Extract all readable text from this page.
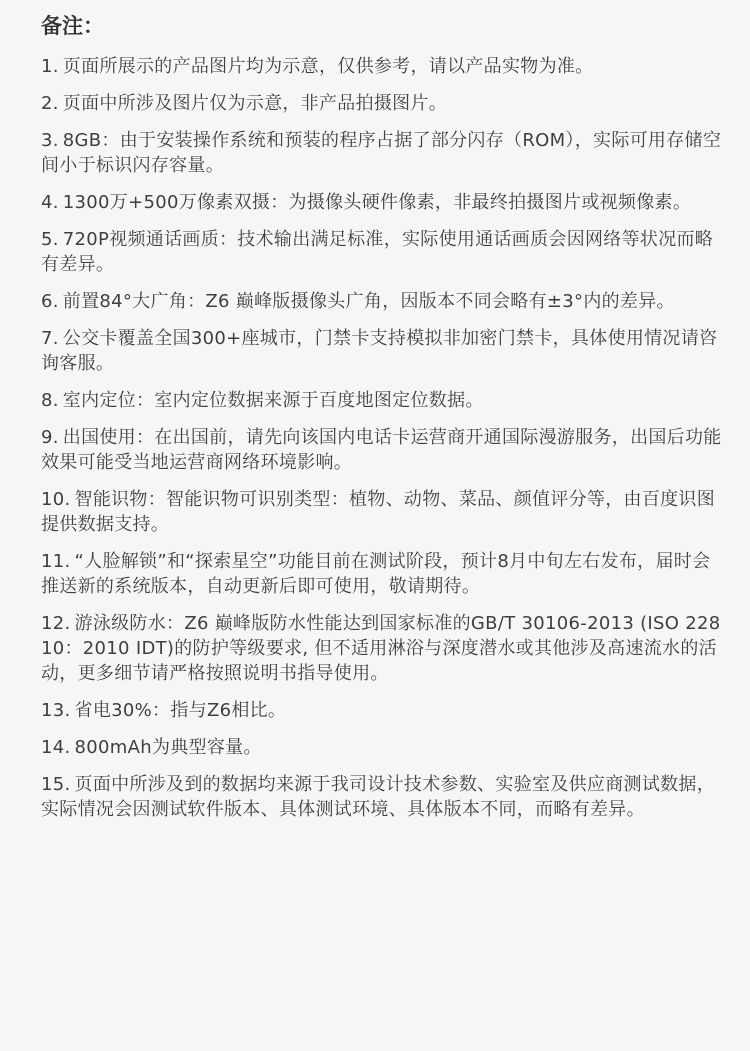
备注：
1. 页面所展示的产品图片均为示意，仅供参考，请以产品实物为准。
2. 页面中所涉及图片仅为示意，非产品拍摄图片。
3. 8GB：由于安装操作系统和预装的程序占据了部分闪存（ROM），实际可用存储空间小于标识闪存容量。
4. 1300万+500万像素双摄：为摄像头硬件像素，非最终拍摄图片或视频像素。
5. 720P视频通话画质：技术输出满足标准，实际使用通话画质会因网络等状况而略有差异。
6. 前置84°大广角：Z6 巅峰版摄像头广角，因版本不同会略有±3°内的差异。
7. 公交卡覆盖全国300+座城市，门禁卡支持模拟非加密门禁卡，具体使用情况请咨询客服。
8. 室内定位：室内定位数据来源于百度地图定位数据。
9. 出国使用：在出国前，请先向该国内电话卡运营商开通国际漫游服务，出国后功能效果可能受当地运营商网络环境影响。
10. 智能识物：智能识物可识别类型：植物、动物、菜品、颜值评分等，由百度识图提供数据支持。
11. “人脸解锁”和“探索星空”功能目前在测试阶段，预计8月中旬左右发布，届时会推送新的系统版本，自动更新后即可使用，敬请期待。
12. 游泳级防水：Z6 巅峰版防水性能达到国家标准的GB/T 30106-2013 (ISO 22810：2010 IDT)的防护等级要求, 但不适用淋浴与深度潜水或其他涉及高速流水的活动，更多细节请严格按照说明书指导使用。
13. 省电30%：指与Z6相比。
14. 800mAh为典型容量。
15. 页面中所涉及到的数据均来源于我司设计技术参数、实验室及供应商测试数据，实际情况会因测试软件版本、具体测试环境、具体版本不同，而略有差异。
